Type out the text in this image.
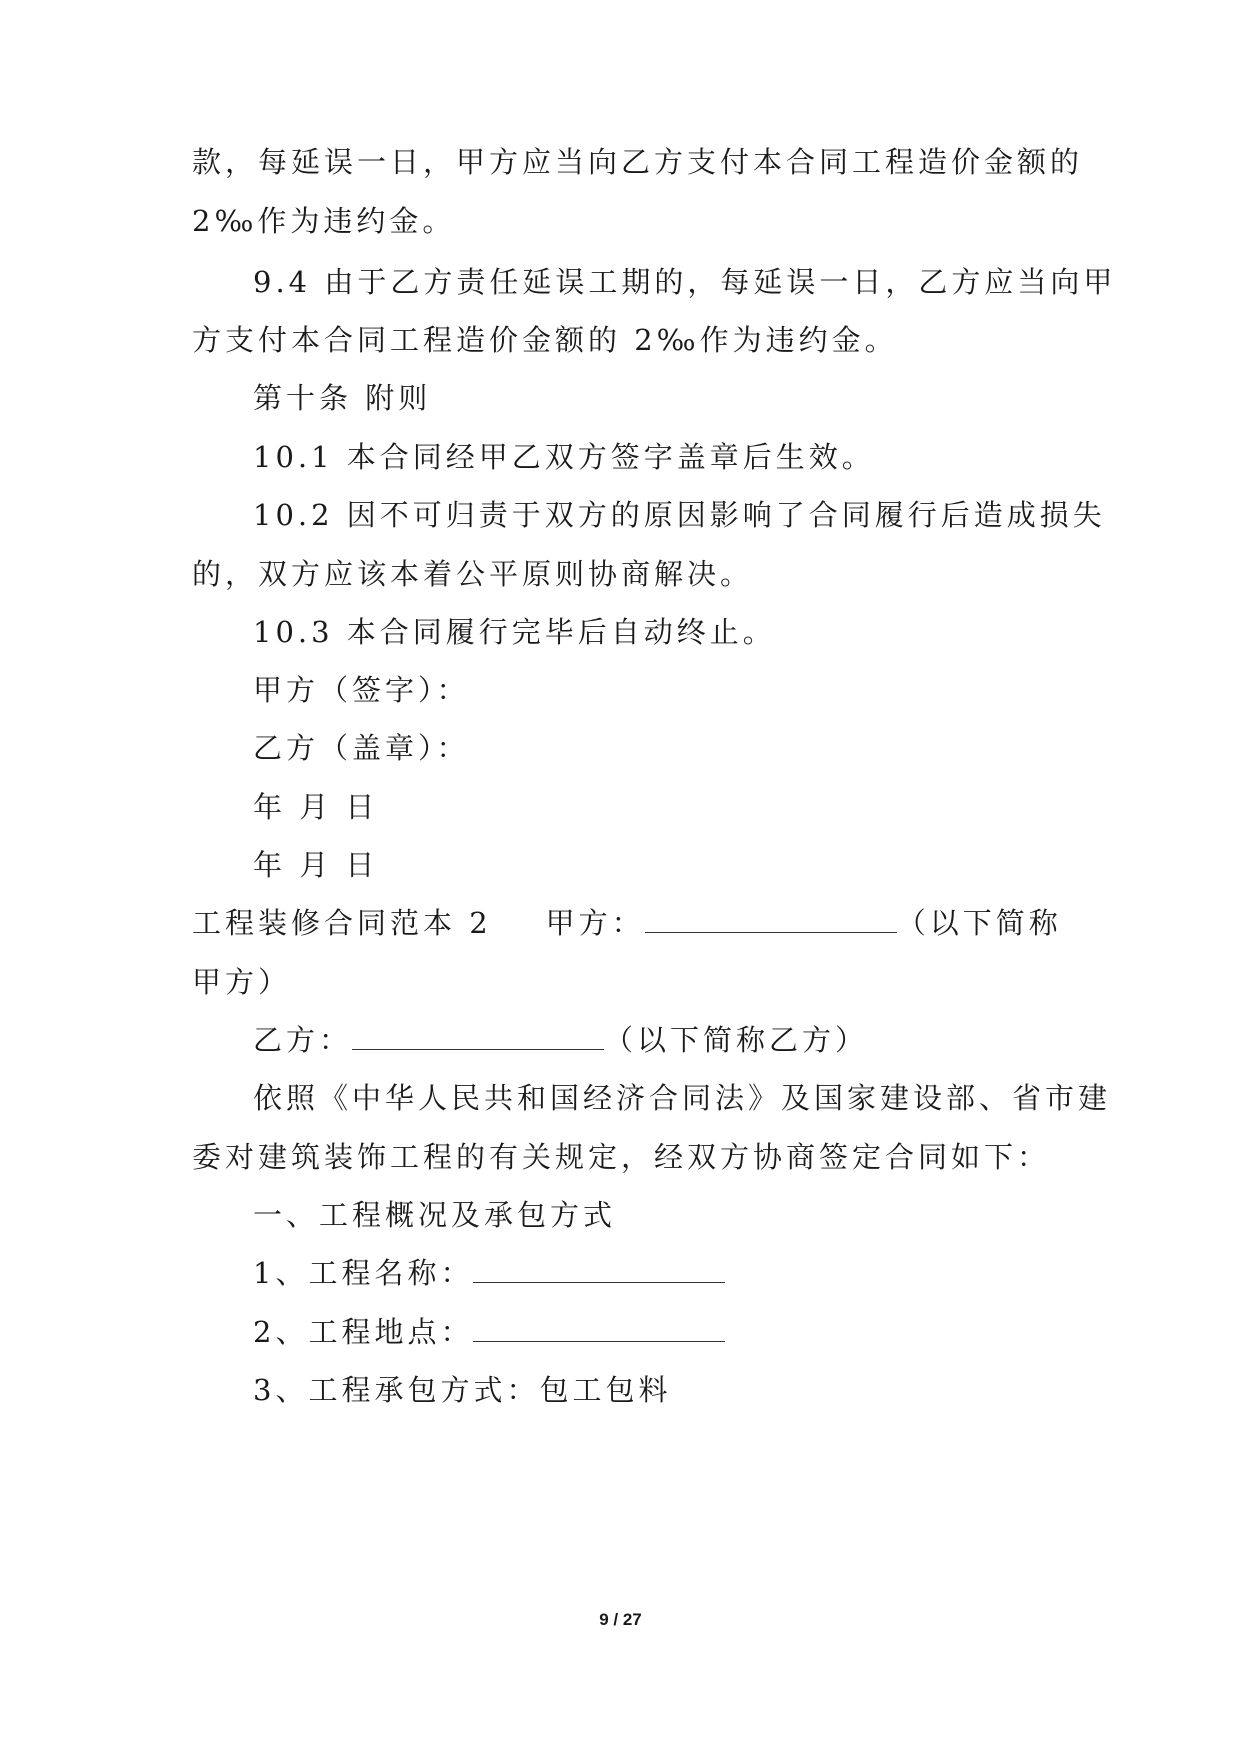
款，每延误一日，甲方应当向乙方支付本合同工程造价金额的
2‰作为违约金。
9.4 由于乙方责任延误工期的，每延误一日，乙方应当向甲
方支付本合同工程造价金额的 2‰作为违约金。
第十条 附则
10.1 本合同经甲乙双方签字盖章后生效。
10.2 因不可归责于双方的原因影响了合同履行后造成损失
的，双方应该本着公平原则协商解决。
10.3 本合同履行完毕后自动终止。
甲方（签字）：
乙方（盖章）：
年 月 日
年 月 日
工程装修合同范本 2 甲方：	（以下简称
甲方）
乙方：	（以下简称乙方）
依照《中华人民共和国经济合同法》及国家建设部、省市建
委对建筑装饰工程的有关规定，经双方协商签定合同如下：
一、工程概况及承包方式
1、工程名称：
2、工程地点：
3、工程承包方式：包工包料
9 / 27
